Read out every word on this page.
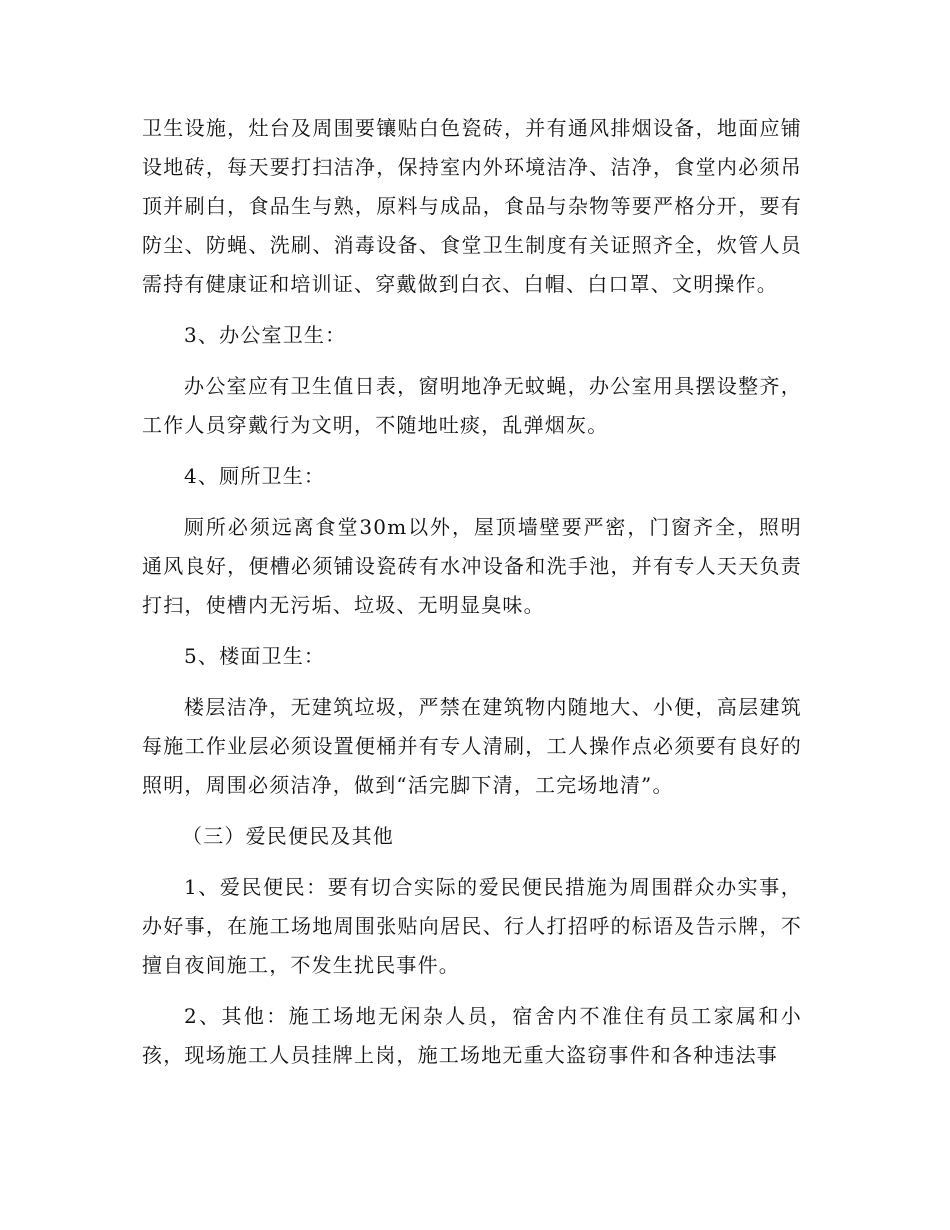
卫生设施，灶台及周围要镶贴白色瓷砖，并有通风排烟设备，地面应铺设地砖，每天要打扫洁净，保持室内外环境洁净、洁净，食堂内必须吊顶并刷白，食品生与熟，原料与成品，食品与杂物等要严格分开，要有防尘、防蝇、洗刷、消毒设备、食堂卫生制度有关证照齐全，炊管人员需持有健康证和培训证、穿戴做到白衣、白帽、白口罩、文明操作。

3、办公室卫生：

办公室应有卫生值日表，窗明地净无蚊蝇，办公室用具摆设整齐，工作人员穿戴行为文明，不随地吐痰，乱弹烟灰。

4、厕所卫生：

厕所必须远离食堂30m以外，屋顶墙壁要严密，门窗齐全，照明通风良好，便槽必须铺设瓷砖有水冲设备和洗手池，并有专人天天负责打扫，使槽内无污垢、垃圾、无明显臭味。

5、楼面卫生：

楼层洁净，无建筑垃圾，严禁在建筑物内随地大、小便，高层建筑每施工作业层必须设置便桶并有专人清刷，工人操作点必须要有良好的照明，周围必须洁净，做到“活完脚下清，工完场地清”。

（三）爱民便民及其他

1、爱民便民：要有切合实际的爱民便民措施为周围群众办实事，办好事，在施工场地周围张贴向居民、行人打招呼的标语及告示牌，不擅自夜间施工，不发生扰民事件。

2、其他：施工场地无闲杂人员，宿舍内不准住有员工家属和小孩，现场施工人员挂牌上岗，施工场地无重大盗窃事件和各种违法事
